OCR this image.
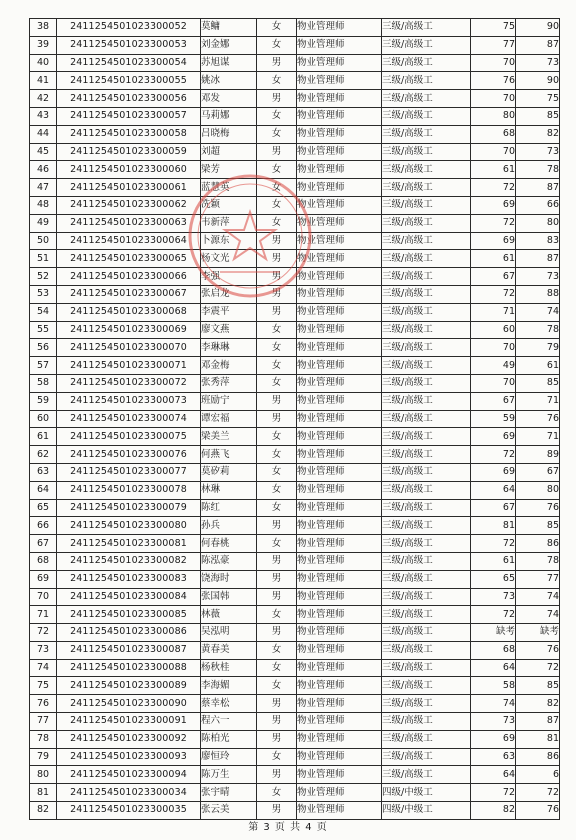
38	2411254501023300052	莫鳙	女	物业管理师	三级/高级工	75	90
39	2411254501023300053	刘金娜	女	物业管理师	三级/高级工	77	87
40	2411254501023300054	苏旭谋	男	物业管理师	三级/高级工	70	73
41	2411254501023300055	姚冰	女	物业管理师	三级/高级工	76	90
42	2411254501023300056	邓发	男	物业管理师	三级/高级工	70	75
43	2411254501023300057	马莉娜	女	物业管理师	三级/高级工	80	85
44	2411254501023300058	吕晓梅	女	物业管理师	三级/高级工	68	82
45	2411254501023300059	刘超	男	物业管理师	三级/高级工	70	73
46	2411254501023300060	梁芳	女	物业管理师	三级/高级工	61	78
47	2411254501023300061	蓝慧英	女	物业管理师	三级/高级工	72	87
48	2411254501023300062	冼颖	女	物业管理师	三级/高级工	69	66
49	2411254501023300063	韦新萍	女	物业管理师	三级/高级工	72	80
50	2411254501023300064	卜源东	男	物业管理师	三级/高级工	69	83
51	2411254501023300065	杨文光	男	物业管理师	三级/高级工	61	87
52	2411254501023300066	李强	男	物业管理师	三级/高级工	67	73
53	2411254501023300067	张启龙	男	物业管理师	三级/高级工	72	88
54	2411254501023300068	李震平	男	物业管理师	三级/高级工	71	74
55	2411254501023300069	廖文燕	女	物业管理师	三级/高级工	60	78
56	2411254501023300070	李琳琳	女	物业管理师	三级/高级工	70	79
57	2411254501023300071	邓金梅	女	物业管理师	三级/高级工	49	61
58	2411254501023300072	张秀萍	女	物业管理师	三级/高级工	70	85
59	2411254501023300073	班励宁	男	物业管理师	三级/高级工	67	71
60	2411254501023300074	谭宏福	男	物业管理师	三级/高级工	59	76
61	2411254501023300075	梁美兰	女	物业管理师	三级/高级工	69	71
62	2411254501023300076	何燕飞	女	物业管理师	三级/高级工	72	89
63	2411254501023300077	莫矽莉	女	物业管理师	三级/高级工	69	67
64	2411254501023300078	林琳	女	物业管理师	三级/高级工	64	80
65	2411254501023300079	陈红	女	物业管理师	三级/高级工	67	76
66	2411254501023300080	孙兵	男	物业管理师	三级/高级工	81	85
67	2411254501023300081	何春桃	女	物业管理师	三级/高级工	72	86
68	2411254501023300082	陈泓豪	男	物业管理师	三级/高级工	61	78
69	2411254501023300083	饶海时	男	物业管理师	三级/高级工	65	77
70	2411254501023300084	张国韩	男	物业管理师	三级/高级工	73	74
71	2411254501023300085	林薇	女	物业管理师	三级/高级工	72	74
72	2411254501023300086	吴泓明	男	物业管理师	三级/高级工	缺考	缺考
73	2411254501023300087	黄春美	女	物业管理师	三级/高级工	68	76
74	2411254501023300088	杨秋桂	女	物业管理师	三级/高级工	64	72
75	2411254501023300089	李海媚	女	物业管理师	三级/高级工	58	85
76	2411254501023300090	蔡幸松	男	物业管理师	三级/高级工	74	82
77	2411254501023300091	程六一	男	物业管理师	三级/高级工	73	87
78	2411254501023300092	陈柏光	男	物业管理师	三级/高级工	69	81
79	2411254501023300093	廖恒玲	女	物业管理师	三级/高级工	63	86
80	2411254501023300094	陈万生	男	物业管理师	三级/高级工	64	6
81	2411254501023300034	张宇晴	女	物业管理师	四级/中级工	72	72
82	2411254501023300035	张云美	男	物业管理师	四级/中级工	82	76
第 3 页 共 4 页
